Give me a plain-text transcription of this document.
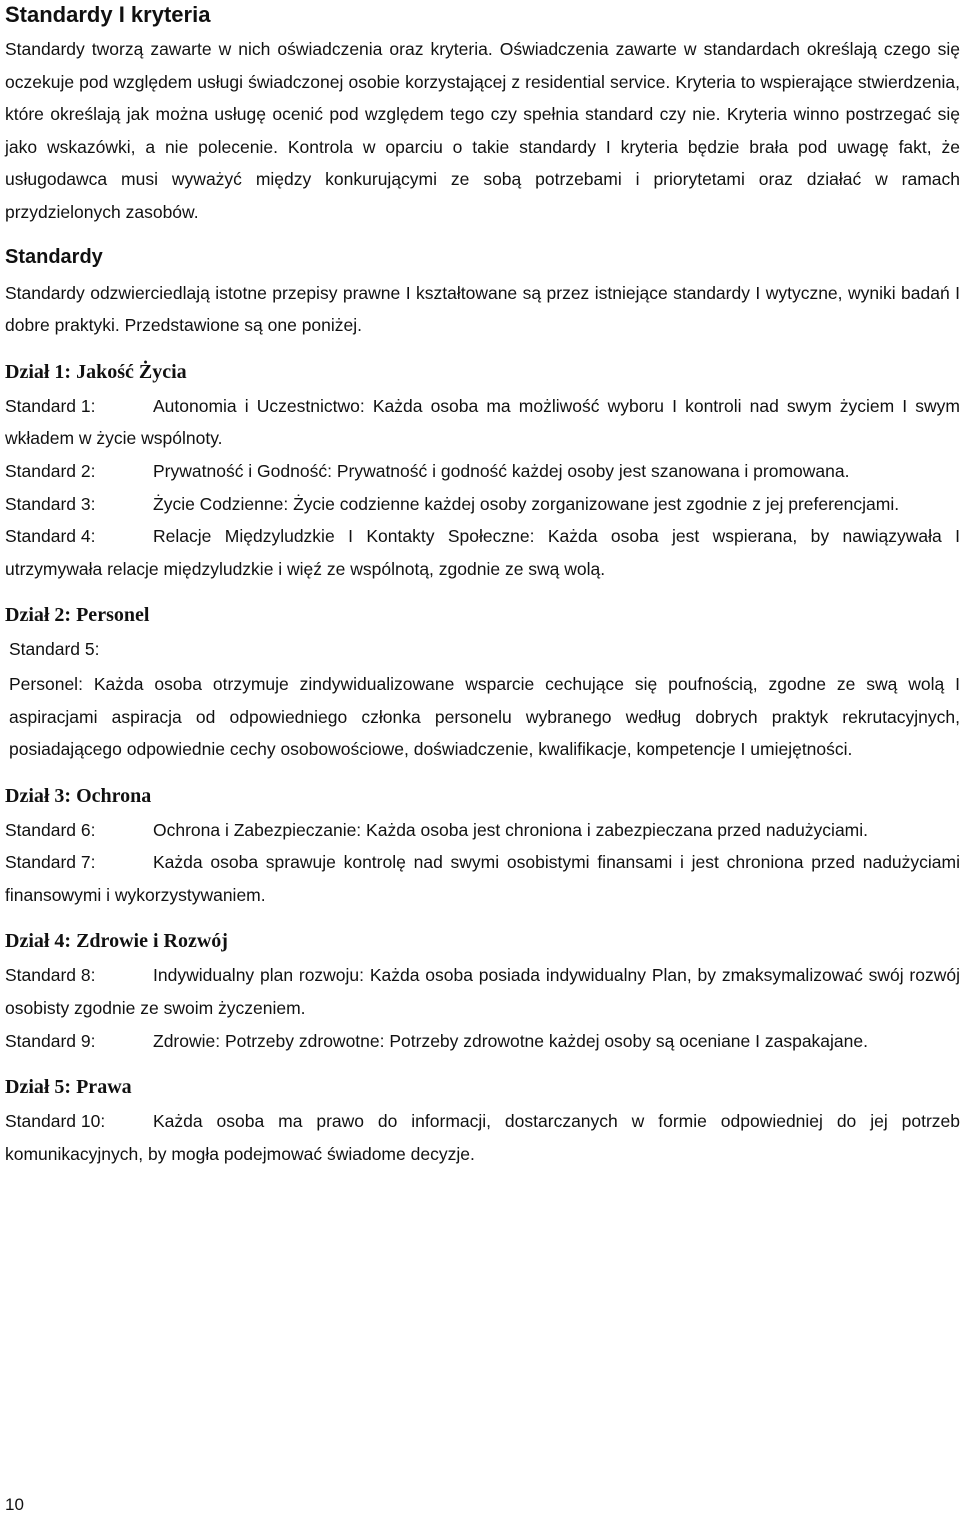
Standardy I kryteria

Standardy tworzą zawarte w nich oświadczenia oraz kryteria. Oświadczenia zawarte w standardach określają czego się oczekuje pod względem usługi świadczonej osobie korzystającej z residential service. Kryteria to wspierające stwierdzenia, które określają jak można usługę ocenić pod względem tego czy spełnia standard czy nie. Kryteria winno postrzegać się jako wskazówki, a nie polecenie. Kontrola w oparciu o takie standardy I kryteria będzie brała pod uwagę fakt, że usługodawca musi wyważyć między konkurującymi ze sobą potrzebami i priorytetami oraz działać w ramach przydzielonych zasobów.

Standardy

Standardy odzwierciedlają istotne przepisy prawne I kształtowane są przez istniejące standardy I wytyczne, wyniki badań I dobre praktyki. Przedstawione są one poniżej.

Dział 1: Jakość Życia

Standard 1:	Autonomia i Uczestnictwo: Każda osoba ma możliwość wyboru I kontroli nad swym życiem I swym wkładem w życie wspólnoty.

Standard 2:	Prywatność i Godność: Prywatność i godność każdej osoby jest szanowana i promowana.

Standard 3:	Życie Codzienne: Życie codzienne każdej osoby zorganizowane jest zgodnie z jej preferencjami.

Standard 4:	Relacje Międzyludzkie I Kontakty Społeczne: Każda osoba jest wspierana, by nawiązywała I utrzymywała relacje międzyludzkie i więź ze wspólnotą, zgodnie ze swą wolą.

Dział 2: Personel
Standard 5:

Personel: Każda osoba otrzymuje zindywidualizowane wsparcie cechujące się poufnością, zgodne ze swą wolą I aspiracjami aspiracja od odpowiedniego członka personelu wybranego według dobrych praktyk rekrutacyjnych, posiadającego odpowiednie cechy osobowościowe, doświadczenie, kwalifikacje, kompetencje I umiejętności.

Dział 3: Ochrona

Standard 6:	Ochrona i Zabezpieczanie: Każda osoba jest chroniona i zabezpieczana przed nadużyciami.

Standard 7:	Każda osoba sprawuje kontrolę nad swymi osobistymi finansami i jest chroniona przed nadużyciami finansowymi i wykorzystywaniem.

Dział 4: Zdrowie i Rozwój

Standard 8:	Indywidualny plan rozwoju: Każda osoba posiada indywidualny Plan, by zmaksymalizować swój rozwój osobisty zgodnie ze swoim życzeniem.

Standard 9:	Zdrowie: Potrzeby zdrowotne: Potrzeby zdrowotne każdej osoby są oceniane I zaspakajane.

Dział 5: Prawa

Standard 10:	Każda osoba ma prawo do informacji, dostarczanych w formie odpowiedniej do jej potrzeb komunikacyjnych, by mogła podejmować świadome decyzje.

10
